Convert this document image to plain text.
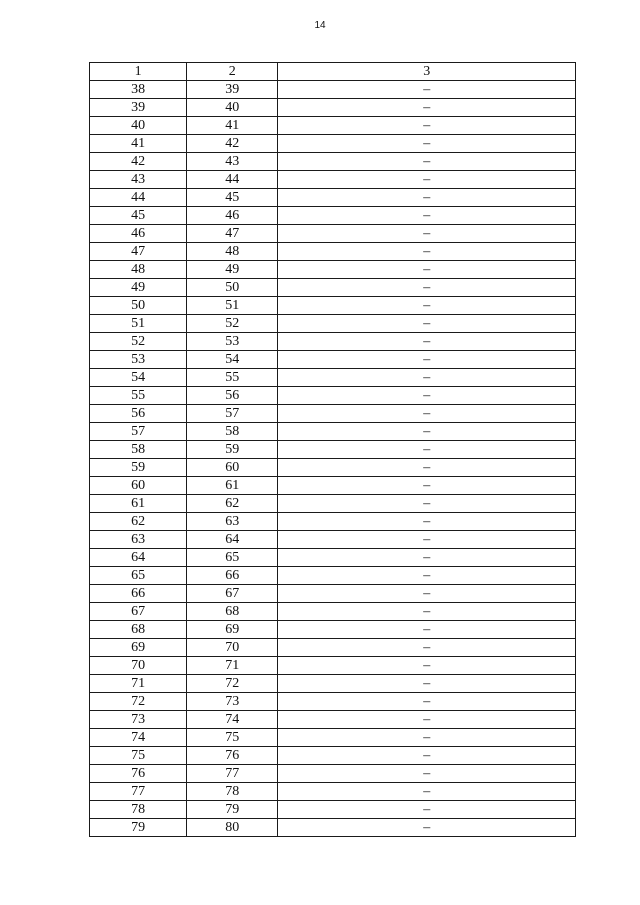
14
1	2	3
38	39	–
39	40	–
40	41	–
41	42	–
42	43	–
43	44	–
44	45	–
45	46	–
46	47	–
47	48	–
48	49	–
49	50	–
50	51	–
51	52	–
52	53	–
53	54	–
54	55	–
55	56	–
56	57	–
57	58	–
58	59	–
59	60	–
60	61	–
61	62	–
62	63	–
63	64	–
64	65	–
65	66	–
66	67	–
67	68	–
68	69	–
69	70	–
70	71	–
71	72	–
72	73	–
73	74	–
74	75	–
75	76	–
76	77	–
77	78	–
78	79	–
79	80	–
